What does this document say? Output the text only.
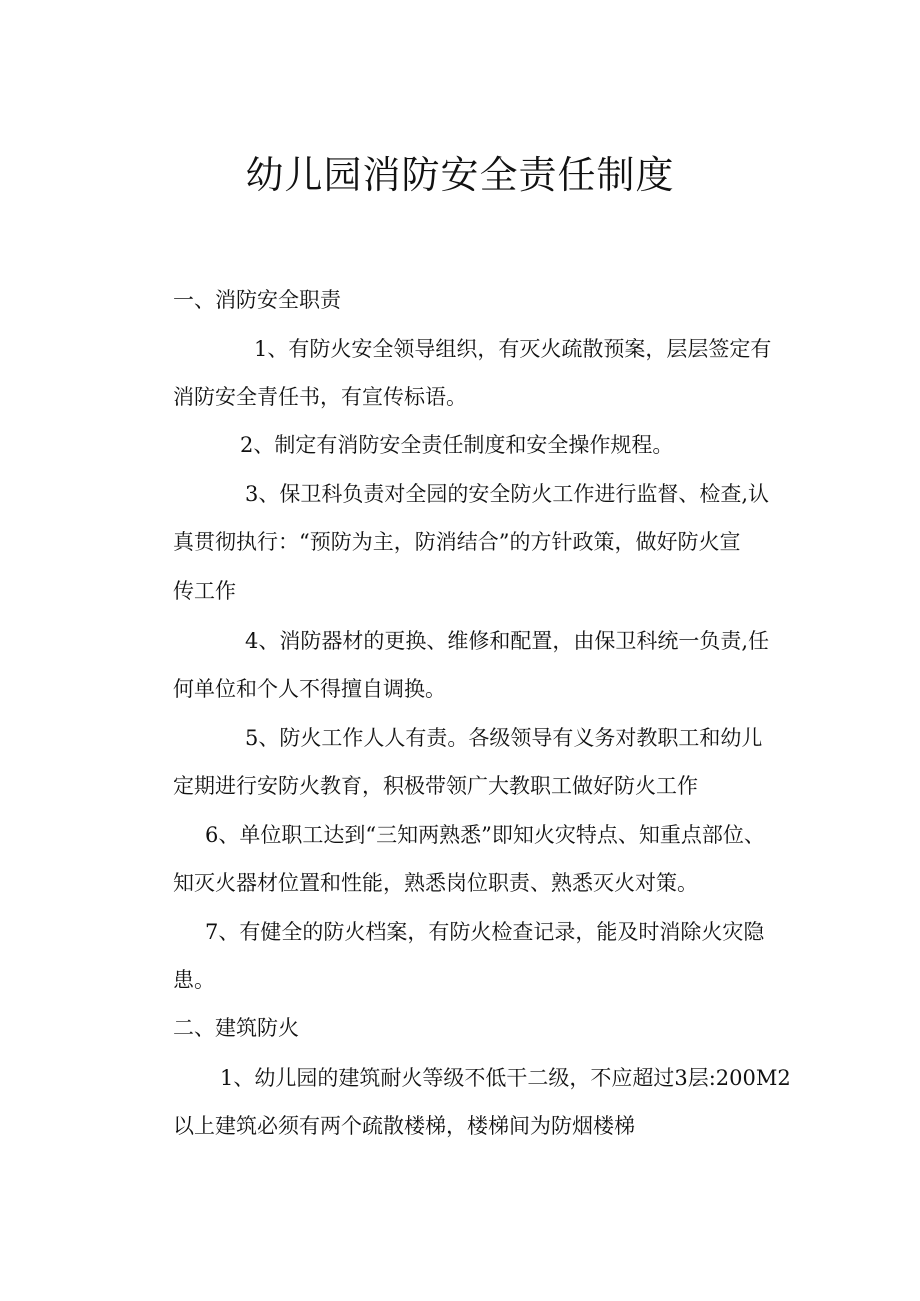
幼儿园消防安全责任制度
一、消防安全职责
1、有防火安全领导组织，有灭火疏散预案，层层签定有
消防安全青任书，有宣传标语。
2、制定有消防安全责任制度和安全操作规程。
3、保卫科负责对全园的安全防火工作进行监督、检查,认
真贯彻执行：“预防为主，防消结合”的方针政策，做好防火宣
传工作
4、消防器材的更换、维修和配置，由保卫科统一负责,任
何单位和个人不得擅自调换。
5、防火工作人人有责。各级领导有义务对教职工和幼儿
定期进行安防火教育，积极带领广大教职工做好防火工作
6、单位职工达到“三知两熟悉”即知火灾特点、知重点部位、
知灭火器材位置和性能，熟悉岗位职责、熟悉灭火对策。
7、有健全的防火档案，有防火检查记录，能及时消除火灾隐
患。
二、建筑防火
1、幼儿园的建筑耐火等级不低干二级，不应超过3层:200M2
以上建筑必须有两个疏散楼梯，楼梯间为防烟楼梯
